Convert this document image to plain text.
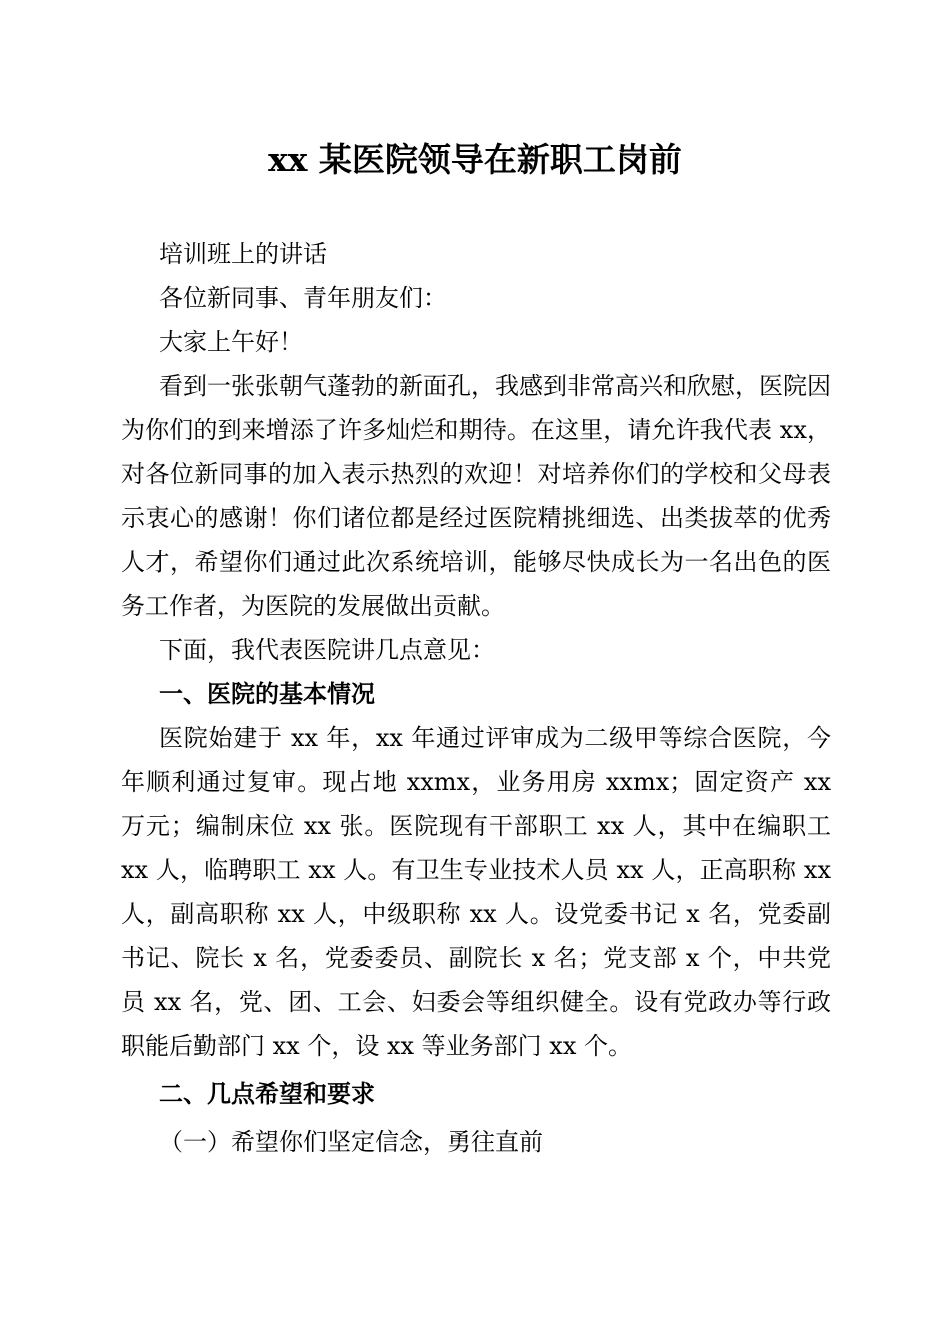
xx 某医院领导在新职工岗前

培训班上的讲话

各位新同事、青年朋友们：

大家上午好！

看到一张张朝气蓬勃的新面孔，我感到非常高兴和欣慰，医院因为你们的到来增添了许多灿烂和期待。在这里，请允许我代表 xx，对各位新同事的加入表示热烈的欢迎！对培养你们的学校和父母表示衷心的感谢！你们诸位都是经过医院精挑细选、出类拔萃的优秀人才，希望你们通过此次系统培训，能够尽快成长为一名出色的医务工作者，为医院的发展做出贡献。

下面，我代表医院讲几点意见：

一、医院的基本情况

医院始建于 xx 年，xx 年通过评审成为二级甲等综合医院，今年顺利通过复审。现占地 xxmx，业务用房 xxmx；固定资产 xx 万元；编制床位 xx 张。医院现有干部职工 xx 人，其中在编职工 xx 人，临聘职工 xx 人。有卫生专业技术人员 xx 人，正高职称 xx 人，副高职称 xx 人，中级职称 xx 人。设党委书记 x 名，党委副书记、院长 x 名，党委委员、副院长 x 名；党支部 x 个，中共党员 xx 名，党、团、工会、妇委会等组织健全。设有党政办等行政职能后勤部门 xx 个，设 xx 等业务部门 xx 个。

二、几点希望和要求

（一）希望你们坚定信念，勇往直前
